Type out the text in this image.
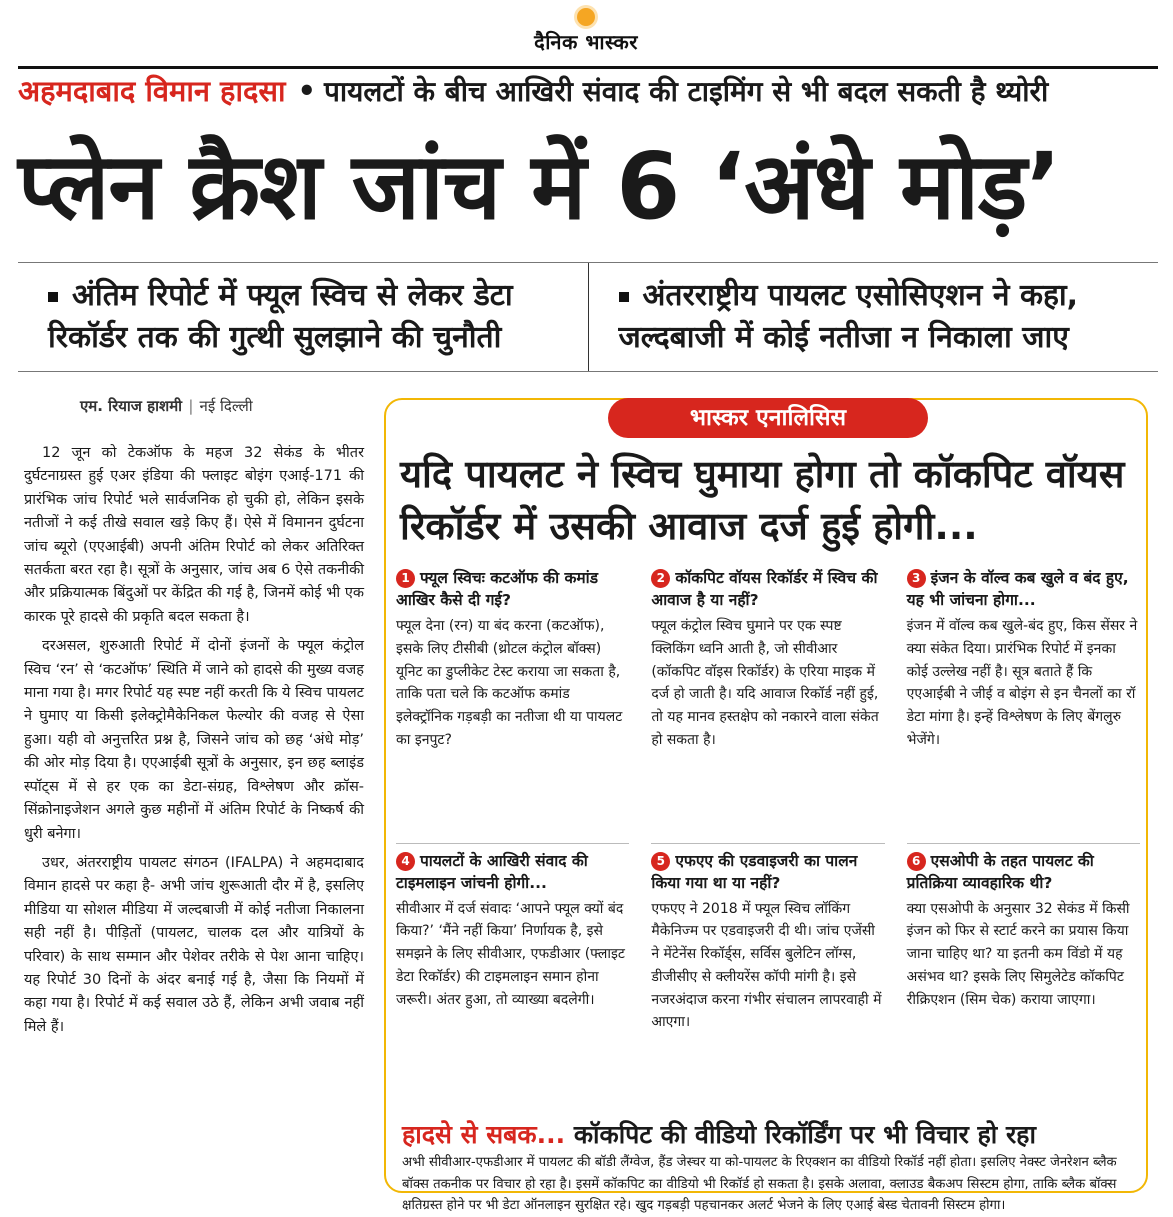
दैनिक भास्कर
अहमदाबाद विमान हादसा • पायलटों के बीच आखिरी संवाद की टाइमिंग से भी बदल सकती है थ्योरी
प्लेन क्रैश जांच में 6 ‘अंधे मोड़’
अंतिम रिपोर्ट में फ्यूल स्विच से लेकर डेटा रिकॉर्डर तक की गुत्थी सुलझाने की चुनौती
अंतरराष्ट्रीय पायलट एसोसिएशन ने कहा, जल्दबाजी में कोई नतीजा न निकाला जाए
एम. रियाज हाशमी | नई दिल्ली

12 जून को टेकऑफ के महज 32 सेकंड के भीतर दुर्घटनाग्रस्त हुई एअर इंडिया की फ्लाइट बोइंग एआई-171 की प्रारंभिक जांच रिपोर्ट भले सार्वजनिक हो चुकी हो, लेकिन इसके नतीजों ने कई तीखे सवाल खड़े किए हैं। ऐसे में विमानन दुर्घटना जांच ब्यूरो (एएआईबी) अपनी अंतिम रिपोर्ट को लेकर अतिरिक्त सतर्कता बरत रहा है। सूत्रों के अनुसार, जांच अब 6 ऐसे तकनीकी और प्रक्रियात्मक बिंदुओं पर केंद्रित की गई है, जिनमें कोई भी एक कारक पूरे हादसे की प्रकृति बदल सकता है।

दरअसल, शुरुआती रिपोर्ट में दोनों इंजनों के फ्यूल कंट्रोल स्विच ‘रन’ से ‘कटऑफ’ स्थिति में जाने को हादसे की मुख्य वजह माना गया है। मगर रिपोर्ट यह स्पष्ट नहीं करती कि ये स्विच पायलट ने घुमाए या किसी इलेक्ट्रोमैकेनिकल फेल्योर की वजह से ऐसा हुआ। यही वो अनुत्तरित प्रश्न है, जिसने जांच को छह ‘अंधे मोड़’ की ओर मोड़ दिया है। एएआईबी सूत्रों के अनुसार, इन छह ब्लाइंड स्पॉट्स में से हर एक का डेटा-संग्रह, विश्लेषण और क्रॉस-सिंक्रोनाइजेशन अगले कुछ महीनों में अंतिम रिपोर्ट के निष्कर्ष की धुरी बनेगा।

उधर, अंतरराष्ट्रीय पायलट संगठन (IFALPA) ने अहमदाबाद विमान हादसे पर कहा है- अभी जांच शुरूआती दौर में है, इसलिए मीडिया या सोशल मीडिया में जल्दबाजी में कोई नतीजा निकालना सही नहीं है। पीड़ितों (पायलट, चालक दल और यात्रियों के परिवार) के साथ सम्मान और पेशेवर तरीके से पेश आना चाहिए। यह रिपोर्ट 30 दिनों के अंदर बनाई गई है, जैसा कि नियमों में कहा गया है। रिपोर्ट में कई सवाल उठे हैं, लेकिन अभी जवाब नहीं मिले हैं।

भास्कर एनालिसिस
यदि पायलट ने स्विच घुमाया होगा तो कॉकपिट वॉयस रिकॉर्डर में उसकी आवाज दर्ज हुई होगी...
1 फ्यूल स्विचः कटऑफ की कमांड आखिर कैसे दी गई?
फ्यूल देना (रन) या बंद करना (कटऑफ), इसके लिए टीसीबी (थ्रोटल कंट्रोल बॉक्स) यूनिट का डुप्लीकेट टेस्ट कराया जा सकता है, ताकि पता चले कि कटऑफ कमांड इलेक्ट्रॉनिक गड़बड़ी का नतीजा थी या पायलट का इनपुट?
2 कॉकपिट वॉयस रिकॉर्डर में स्विच की आवाज है या नहीं?
फ्यूल कंट्रोल स्विच घुमाने पर एक स्पष्ट क्लिकिंग ध्वनि आती है, जो सीवीआर (कॉकपिट वॉइस रिकॉर्डर) के एरिया माइक में दर्ज हो जाती है। यदि आवाज रिकॉर्ड नहीं हुई, तो यह मानव हस्तक्षेप को नकारने वाला संकेत हो सकता है।
3 इंजन के वॉल्व कब खुले व बंद हुए, यह भी जांचना होगा...
इंजन में वॉल्व कब खुले-बंद हुए, किस सेंसर ने क्या संकेत दिया। प्रारंभिक रिपोर्ट में इनका कोई उल्लेख नहीं है। सूत्र बताते हैं कि एएआईबी ने जीई व बोइंग से इन चैनलों का रॉ डेटा मांगा है। इन्हें विश्लेषण के लिए बेंगलुरु भेजेंगे।
4 पायलटों के आखिरी संवाद की टाइमलाइन जांचनी होगी...
सीवीआर में दर्ज संवादः ‘आपने फ्यूल क्यों बंद किया?’ ‘मैंने नहीं किया’ निर्णायक है, इसे समझने के लिए सीवीआर, एफडीआर (फ्लाइट डेटा रिकॉर्डर) की टाइमलाइन समान होना जरूरी। अंतर हुआ, तो व्याख्या बदलेगी।
5 एफएए की एडवाइजरी का पालन किया गया था या नहीं?
एफएए ने 2018 में फ्यूल स्विच लॉकिंग मैकेनिज्म पर एडवाइजरी दी थी। जांच एजेंसी ने मेंटेनेंस रिकॉर्ड्स, सर्विस बुलेटिन लॉग्स, डीजीसीए से क्लीयरेंस कॉपी मांगी है। इसे नजरअंदाज करना गंभीर संचालन लापरवाही में आएगा।
6 एसओपी के तहत पायलट की प्रतिक्रिया व्यावहारिक थी?
क्या एसओपी के अनुसार 32 सेकंड में किसी इंजन को फिर से स्टार्ट करने का प्रयास किया जाना चाहिए था? या इतनी कम विंडो में यह असंभव था? इसके लिए सिमुलेटेड कॉकपिट रीक्रिएशन (सिम चेक) कराया जाएगा।
हादसे से सबक... कॉकपिट की वीडियो रिकॉर्डिंग पर भी विचार हो रहा
अभी सीवीआर-एफडीआर में पायलट की बॉडी लैंग्वेज, हैंड जेस्चर या को-पायलट के रिएक्शन का वीडियो रिकॉर्ड नहीं होता। इसलिए नेक्स्ट जेनरेशन ब्लैक बॉक्स तकनीक पर विचार हो रहा है। इसमें कॉकपिट का वीडियो भी रिकॉर्ड हो सकता है। इसके अलावा, क्लाउड बैकअप सिस्टम होगा, ताकि ब्लैक बॉक्स क्षतिग्रस्त होने पर भी डेटा ऑनलाइन सुरक्षित रहे। खुद गड़बड़ी पहचानकर अलर्ट भेजने के लिए एआई बेस्ड चेतावनी सिस्टम होगा।
